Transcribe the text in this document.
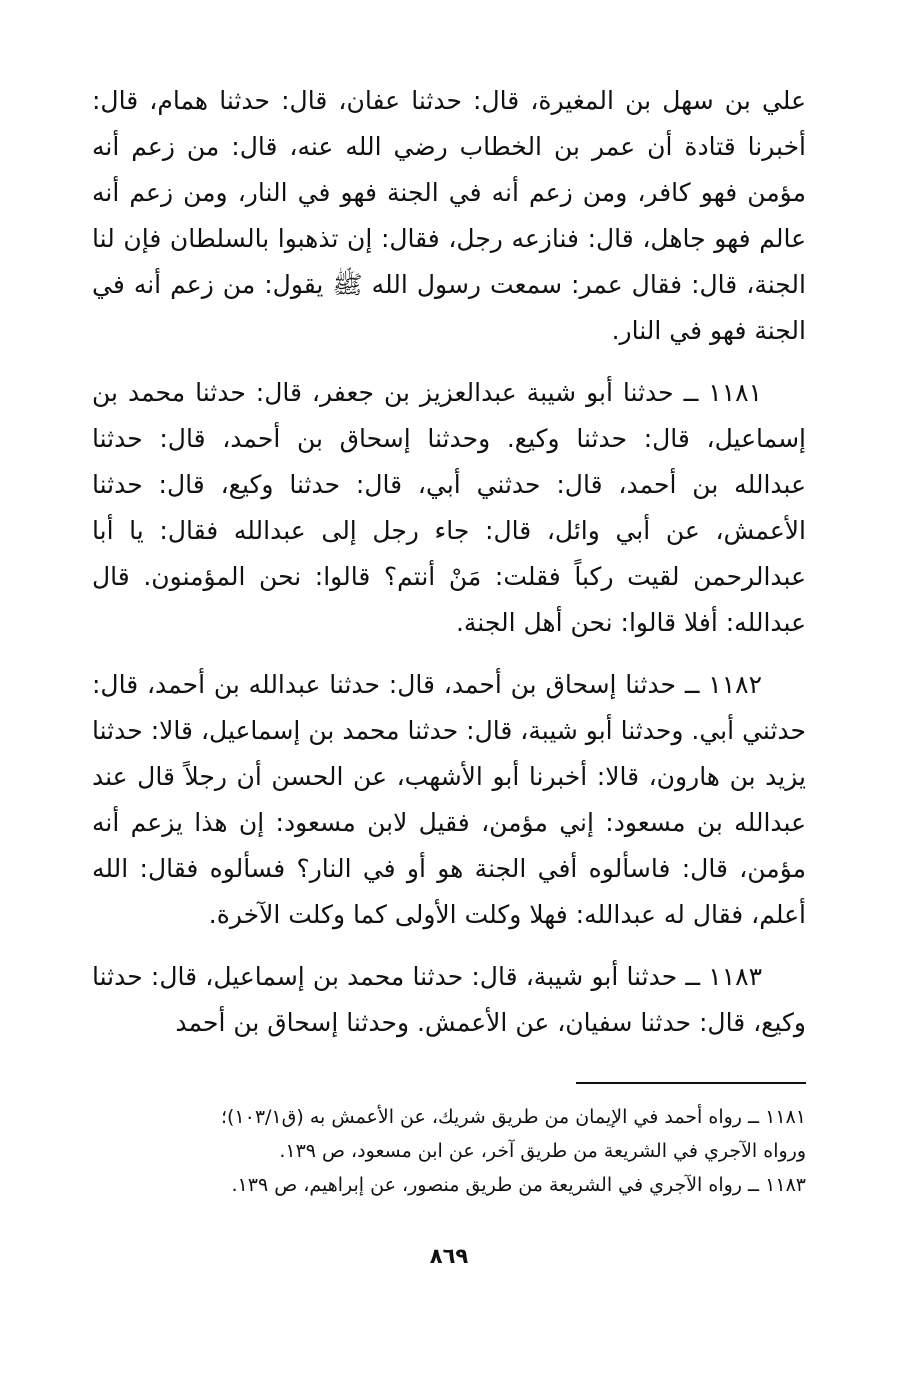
علي بن سهل بن المغيرة، قال: حدثنا عفان، قال: حدثنا همام، قال: أخبرنا قتادة أن عمر بن الخطاب رضي الله عنه، قال: من زعم أنه مؤمن فهو كافر، ومن زعم أنه في الجنة فهو في النار، ومن زعم أنه عالم فهو جاهل، قال: فنازعه رجل، فقال: إن تذهبوا بالسلطان فإن لنا الجنة، قال: فقال عمر: سمعت رسول الله ﷺ يقول: من زعم أنه في الجنة فهو في النار.

١١٨١ ــ حدثنا أبو شيبة عبدالعزيز بن جعفر، قال: حدثنا محمد بن إسماعيل، قال: حدثنا وكيع. وحدثنا إسحاق بن أحمد، قال: حدثنا عبدالله بن أحمد، قال: حدثني أبي، قال: حدثنا وكيع، قال: حدثنا الأعمش، عن أبي وائل، قال: جاء رجل إلى عبدالله فقال: يا أبا عبدالرحمن لقيت ركباً فقلت: مَنْ أنتم؟ قالوا: نحن المؤمنون. قال عبدالله: أفلا قالوا: نحن أهل الجنة.

١١٨٢ ــ حدثنا إسحاق بن أحمد، قال: حدثنا عبدالله بن أحمد، قال: حدثني أبي. وحدثنا أبو شيبة، قال: حدثنا محمد بن إسماعيل، قالا: حدثنا يزيد بن هارون، قالا: أخبرنا أبو الأشهب، عن الحسن أن رجلاً قال عند عبدالله بن مسعود: إني مؤمن، فقيل لابن مسعود: إن هذا يزعم أنه مؤمن، قال: فاسألوه أفي الجنة هو أو في النار؟ فسألوه فقال: الله أعلم، فقال له عبدالله: فهلا وكلت الأولى كما وكلت الآخرة.

١١٨٣ ــ حدثنا أبو شيبة، قال: حدثنا محمد بن إسماعيل، قال: حدثنا وكيع، قال: حدثنا سفيان، عن الأعمش. وحدثنا إسحاق بن أحمد

١١٨١ ــ رواه أحمد في الإيمان من طريق شريك، عن الأعمش به (ق١٠٣/١)؛

ورواه الآجري في الشريعة من طريق آخر، عن ابن مسعود، ص ١٣٩.

١١٨٣ ــ رواه الآجري في الشريعة من طريق منصور، عن إبراهيم، ص ١٣٩.

٨٦٩
